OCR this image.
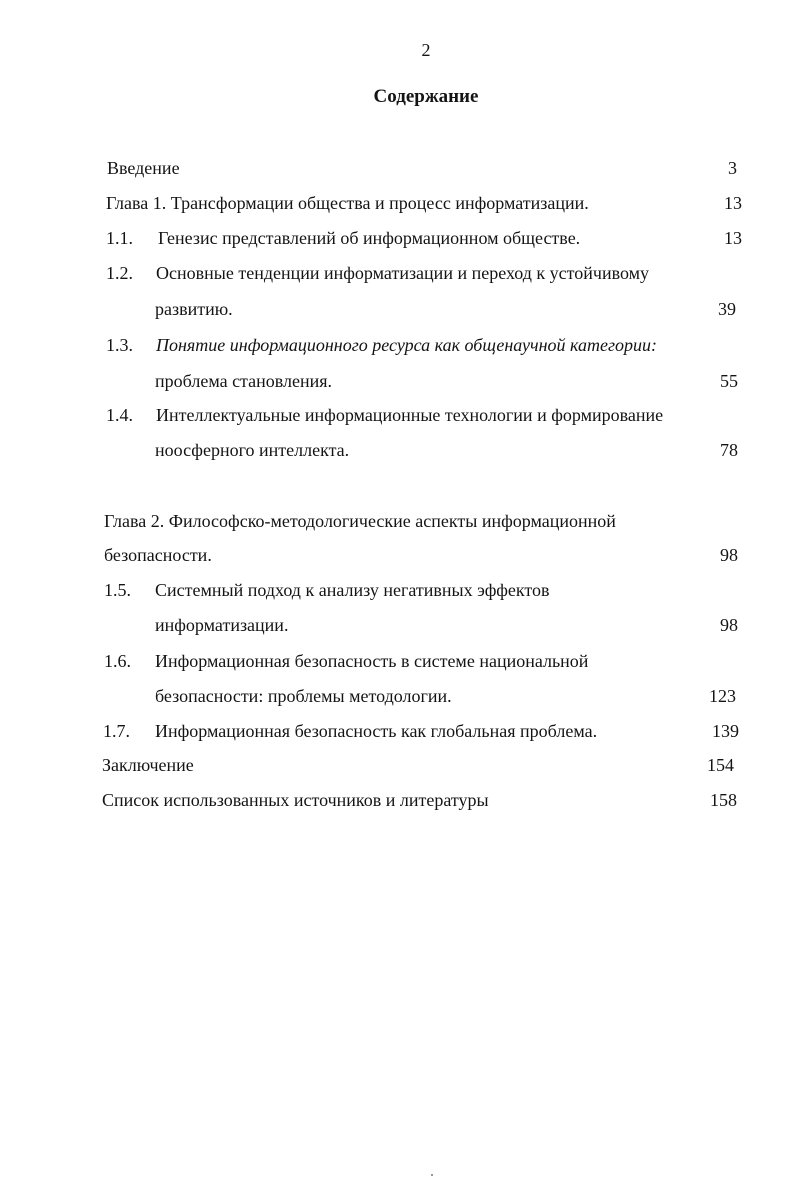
2
Содержание
Введение	3
Глава 1. Трансформации общества и процесс информатизации.	13
1.1. Генезис представлений об информационном обществе.	13
1.2. Основные тенденции информатизации и переход к устойчивому
развитию.	39
1.3. Понятие информационного ресурса как общенаучной категории:
проблема становления.	55
1.4. Интеллектуальные информационные технологии и формирование
ноосферного интеллекта.	78
Глава 2. Философско-методологические аспекты информационной
безопасности.	98
1.5. Системный подход к анализу негативных эффектов
информатизации.	98
1.6. Информационная безопасность в системе национальной
безопасности: проблемы методологии.	123
1.7. Информационная безопасность как глобальная проблема.	139
Заключение	154
Список использованных источников и литературы	158
